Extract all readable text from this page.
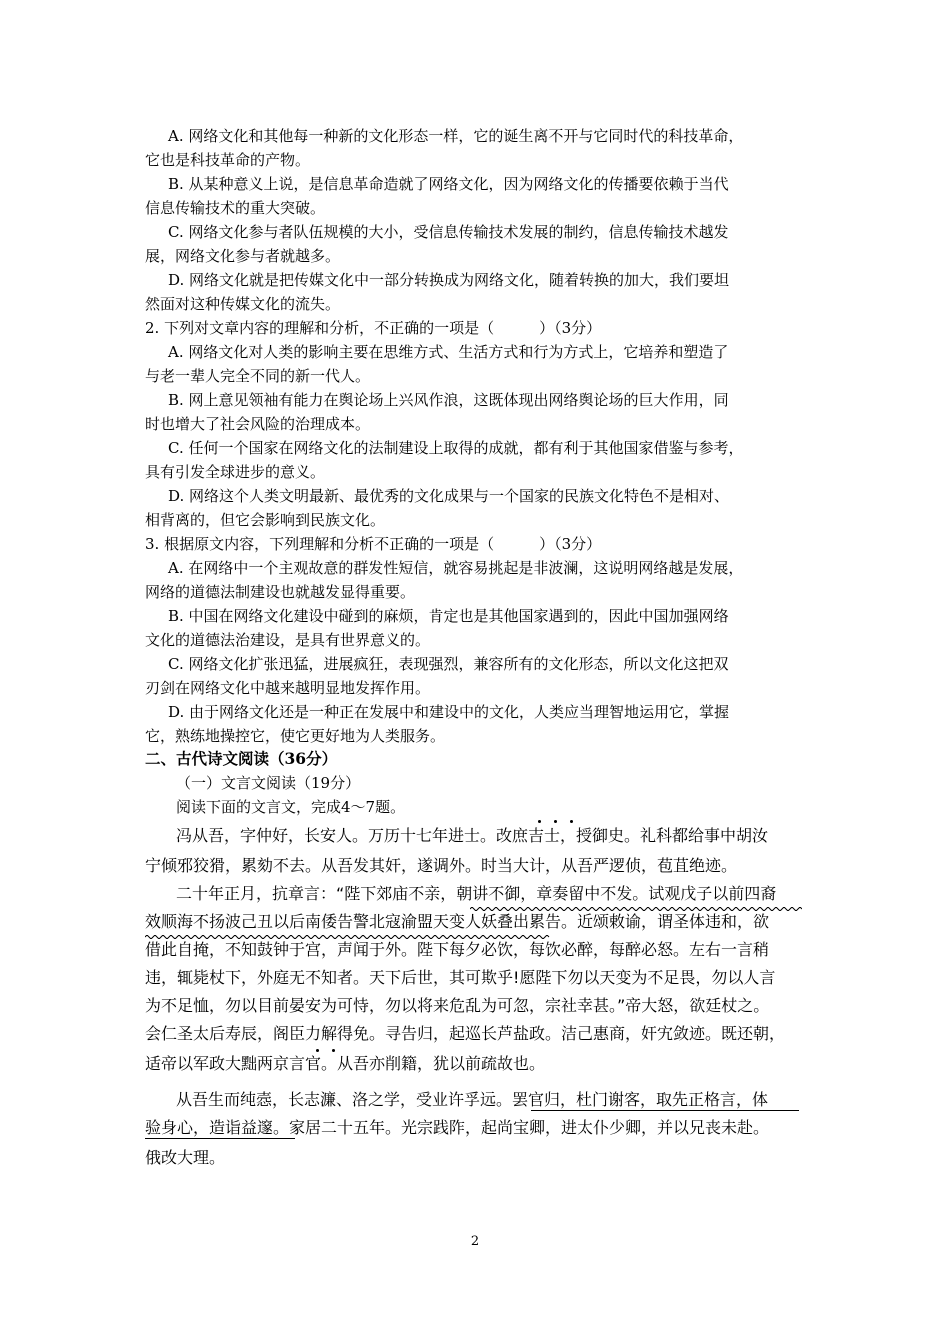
A. 网络文化和其他每一种新的文化形态一样，它的诞生离不开与它同时代的科技革命，
它也是科技革命的产物。
B. 从某种意义上说，是信息革命造就了网络文化，因为网络文化的传播要依赖于当代
信息传输技术的重大突破。
C. 网络文化参与者队伍规模的大小，受信息传输技术发展的制约，信息传输技术越发
展，网络文化参与者就越多。
D. 网络文化就是把传媒文化中一部分转换成为网络文化，随着转换的加大，我们要坦
然面对这种传媒文化的流失。
2. 下列对文章内容的理解和分析，不正确的一项是（　　　）（3分）
A. 网络文化对人类的影响主要在思维方式、生活方式和行为方式上，它培养和塑造了
与老一辈人完全不同的新一代人。
B. 网上意见领袖有能力在舆论场上兴风作浪，这既体现出网络舆论场的巨大作用，同
时也增大了社会风险的治理成本。
C. 任何一个国家在网络文化的法制建设上取得的成就，都有利于其他国家借鉴与参考，
具有引发全球进步的意义。
D. 网络这个人类文明最新、最优秀的文化成果与一个国家的民族文化特色不是相对、
相背离的，但它会影响到民族文化。
3. 根据原文内容，下列理解和分析不正确的一项是（　　　）（3分）
A. 在网络中一个主观故意的群发性短信，就容易挑起是非波澜，这说明网络越是发展，
网络的道德法制建设也就越发显得重要。
B. 中国在网络文化建设中碰到的麻烦，肯定也是其他国家遇到的，因此中国加强网络
文化的道德法治建设，是具有世界意义的。
C. 网络文化扩张迅猛，进展疯狂，表现强烈，兼容所有的文化形态，所以文化这把双
刃剑在网络文化中越来越明显地发挥作用。
D. 由于网络文化还是一种正在发展中和建设中的文化，人类应当理智地运用它，掌握
它，熟练地操控它，使它更好地为人类服务。
二、古代诗文阅读（36分）
（一）文言文阅读（19分）
阅读下面的文言文，完成4～7题。
冯从吾，字仲好，长安人。万历十七年进士。改庶吉士，授御史。礼科都给事中胡汝
宁倾邪狡猾，累劾不去。从吾发其奸，遂调外。时当大计，从吾严逻侦，苞苴绝迹。
二十年正月，抗章言：“陛下郊庙不亲，朝讲不御，章奏留中不发。试观戊子以前四裔
效顺海不扬波己丑以后南倭告警北寇渝盟天变人妖叠出累告。近颂敕谕，谓圣体违和，欲
借此自掩，不知鼓钟于宫，声闻于外。陛下每夕必饮，每饮必醉，每醉必怒。左右一言稍
违，辄毙杖下，外庭无不知者。天下后世，其可欺乎!愿陛下勿以天变为不足畏，勿以人言
为不足恤，勿以目前晏安为可恃，勿以将来危乱为可忽，宗社幸甚。”帝大怒，欲廷杖之。
会仁圣太后寿辰，阁臣力解得免。寻告归，起巡长芦盐政。洁己惠商，奸宄敛迹。既还朝，
适帝以军政大黜两京言官。从吾亦削籍，犹以前疏故也。
从吾生而纯悫，长志濂、洛之学，受业许孚远。罢官归，杜门谢客，取先正格言，体
验身心，造诣益邃。家居二十五年。光宗践阼，起尚宝卿，进太仆少卿，并以兄丧未赴。
俄改大理。
2
